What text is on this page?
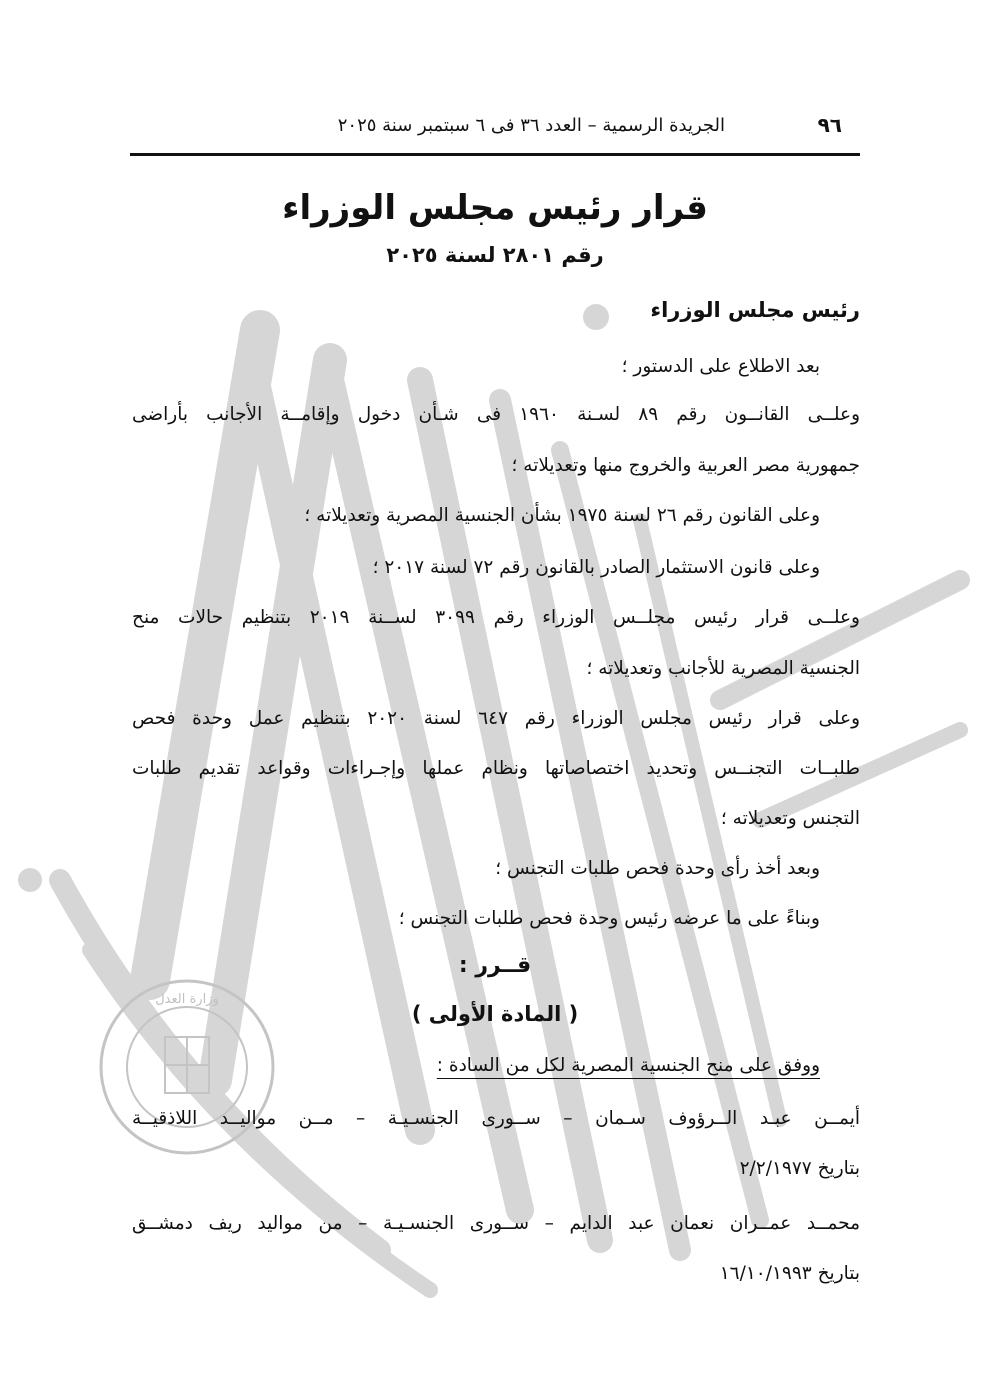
وزارة العدل
٩٦
الجريدة الرسمية – العدد ٣٦ فى ٦ سبتمبر سنة ٢٠٢٥
قرار رئيس مجلس الوزراء
رقم ٢٨٠١ لسنة ٢٠٢٥
رئيس مجلس الوزراء
بعد الاطلاع على الدستور ؛
وعلــى القانــون رقم ٨٩ لسـنة ١٩٦٠ فى شـأن دخول وإقامــة الأجانب بأراضى
جمهورية مصر العربية والخروج منها وتعديلاته ؛
وعلى القانون رقم ٢٦ لسنة ١٩٧٥ بشأن الجنسية المصرية وتعديلاته ؛
وعلى قانون الاستثمار الصادر بالقانون رقم ٧٢ لسنة ٢٠١٧ ؛
وعلــى قرار رئيس مجلــس الوزراء رقم ٣٠٩٩ لســنة ٢٠١٩ بتنظيم حالات منح
الجنسية المصرية للأجانب وتعديلاته ؛
وعلى قرار رئيس مجلس الوزراء رقم ٦٤٧ لسنة ٢٠٢٠ بتنظيم عمل وحدة فحص
طلبــات التجنــس وتحديد اختصاصاتها ونظام عملها وإجـراءات وقواعد تقديم طلبات
التجنس وتعديلاته ؛
وبعد أخذ رأى وحدة فحص طلبات التجنس ؛
وبناءً على ما عرضه رئيس وحدة فحص طلبات التجنس ؛
قــرر :
( المادة الأولى )
ووفق على منح الجنسية المصرية لكل من السادة :
أيمــن عبـد الــرؤوف سـمان – ســورى الجنسـيـة – مــن مواليــد اللاذقيــة
بتاريخ ٢/٢/١٩٧٧
محمــد عمــران نعمان عبد الدايم – ســورى الجنسـيـة – من مواليد ريف دمشــق
بتاريخ ١٦/١٠/١٩٩٣
